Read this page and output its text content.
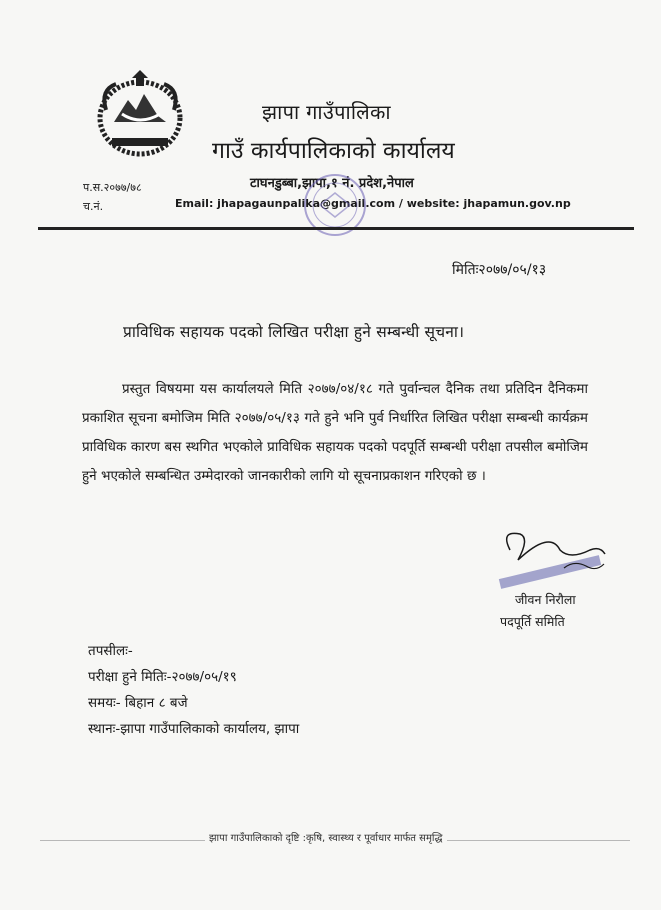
झापा गाउँपालिका
गाउँ कार्यपालिकाको कार्यालय
प.स.२०७७/७८	टाघनडुब्बा,झापा,१ नं. प्रदेश,नेपाल
च.नं.	Email: jhapagaunpalika@gmail.com / website: jhapamun.gov.np
मितिः२०७७/०५/१३
प्राविधिक सहायक पदको लिखित परीक्षा हुने सम्बन्धी सूचना।

प्रस्तुत विषयमा यस कार्यालयले मिति २०७७/०४/१८ गते पुर्वान्चल दैनिक तथा प्रतिदिन दैनिकमा प्रकाशित सूचना बमोजिम मिति २०७७/०५/१३ गते हुने भनि पुर्व निर्धारित लिखित परीक्षा सम्बन्धी कार्यक्रम प्राविधिक कारण बस स्थगित भएकोले प्राविधिक सहायक पदको पदपूर्ति सम्बन्धी परीक्षा तपसील बमोजिम हुने भएकोले सम्बन्धित उम्मेदारको जानकारीको लागि यो सूचनाप्रकाशन गरिएको छ ।

जीवन निरौला
पदपूर्ति समिति
तपसीलः-
परीक्षा हुने मितिः-२०७७/०५/१९
समयः- बिहान ८ बजे
स्थानः-झापा गाउँपालिकाको कार्यालय, झापा
झापा गाउँपालिकाको दृष्टि :कृषि, स्वास्थ्य र पूर्वाधार मार्फत समृद्धि
